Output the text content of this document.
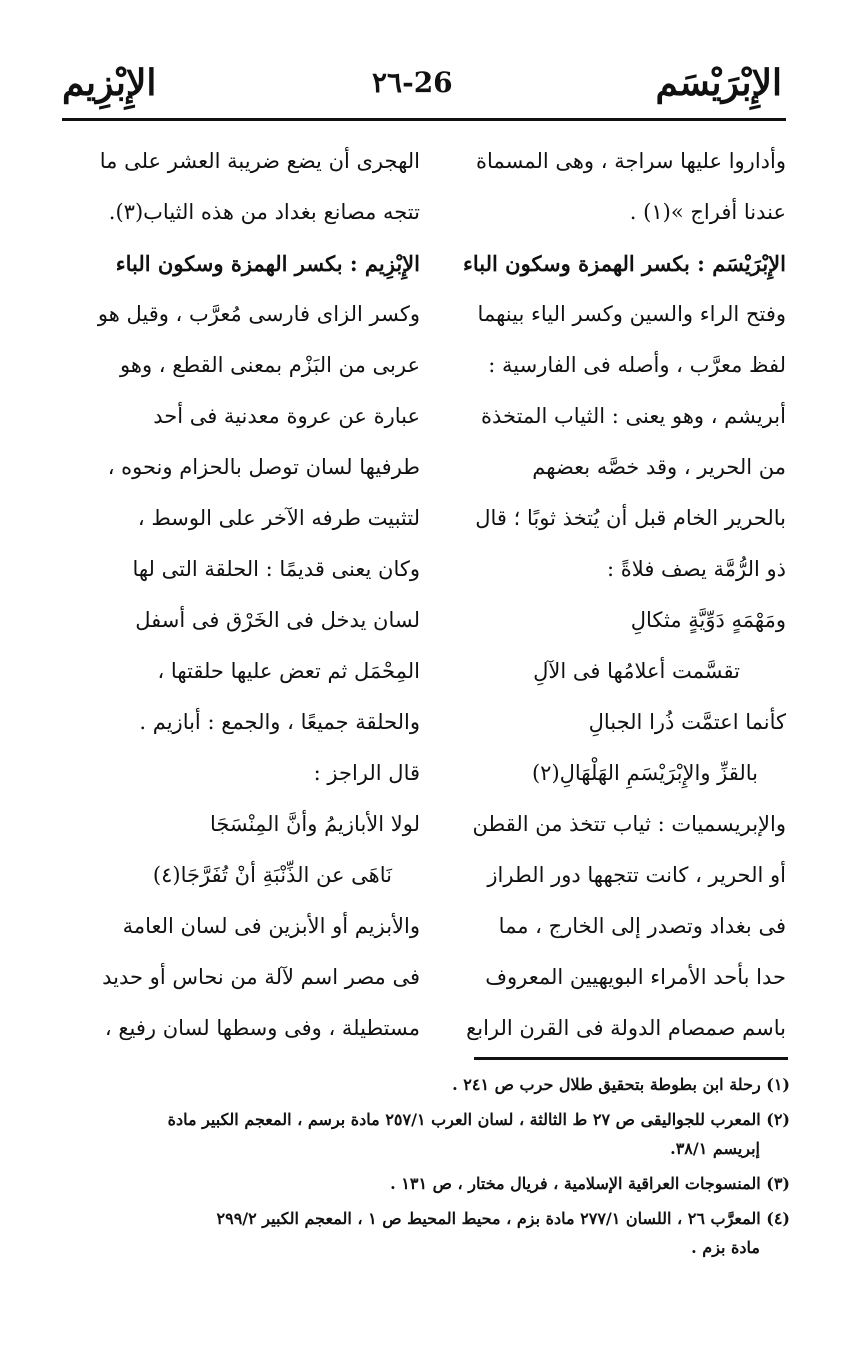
الإِبْرَيْسَم
٢٦-26
الإِبْزِيم
وأداروا عليها سراجة ، وهى المسماة
عندنا أفراج »(١) .
الإِبْرَيْسَم : بكسر الهمزة وسكون الباء
وفتح الراء والسين وكسر الياء بينهما
لفظ معرَّب ، وأصله فى الفارسية :
أبريشم ، وهو يعنى : الثياب المتخذة
من الحرير ، وقد خصَّه بعضهم
بالحرير الخام قبل أن يُتخذ ثوبًا ؛ قال
ذو الرُّمَّة يصف فلاةً :
ومَهْمَهٍ دَوِّيَّةٍ مثكالِ
تقسَّمت أعلامُها فى الآلِ
كأنما اعتمَّت ذُرا الجبالِ
بالقزِّ والإِبْرَيْسَمِ الهَلْهَالِ(٢)
والإبريسميات : ثياب تتخذ من القطن
أو الحرير ، كانت تتجهها دور الطراز
فى بغداد وتصدر إلى الخارج ، مما
حدا بأحد الأمراء البويهيين المعروف
باسم صمصام الدولة فى القرن الرابع
الهجرى أن يضع ضريبة العشر على ما
تتجه مصانع بغداد من هذه الثياب(٣).
الإِبْزِيم : بكسر الهمزة وسكون الباء
وكسر الزاى فارسى مُعرَّب ، وقيل هو
عربى من البَزْم بمعنى القطع ، وهو
عبارة عن عروة معدنية فى أحد
طرفيها لسان توصل بالحزام ونحوه ،
لتثبيت طرفه الآخر على الوسط ،
وكان يعنى قديمًا : الحلقة التى لها
لسان يدخل فى الخَرْق فى أسفل
المِحْمَل ثم تعض عليها حلقتها ،
والحلقة جميعًا ، والجمع : أبازيم .
قال الراجز :
لولا الأبازيمُ وأنَّ المِنْسَجَا
نَاهَى عن الذِّنْبَةِ أنْ تُفَرَّجَا(٤)
والأبزيم أو الأبزين فى لسان العامة
فى مصر اسم لآلة من نحاس أو حديد
مستطيلة ، وفى وسطها لسان رفيع ،
(١) رحلة ابن بطوطة بتحقيق طلال حرب ص ٢٤١ .
(٢) المعرب للجواليقى ص ٢٧ ط الثالثة ، لسان العرب ٢٥٧/١ مادة برسم ، المعجم الكبير مادة
إبريسم ٣٨/١.
(٣) المنسوجات العراقية الإسلامية ، فريال مختار ، ص ١٣١ .
(٤) المعرَّب ٢٦ ، اللسان ٢٧٧/١ مادة بزم ، محيط المحيط ص ١ ، المعجم الكبير ٢٩٩/٢
مادة بزم .
